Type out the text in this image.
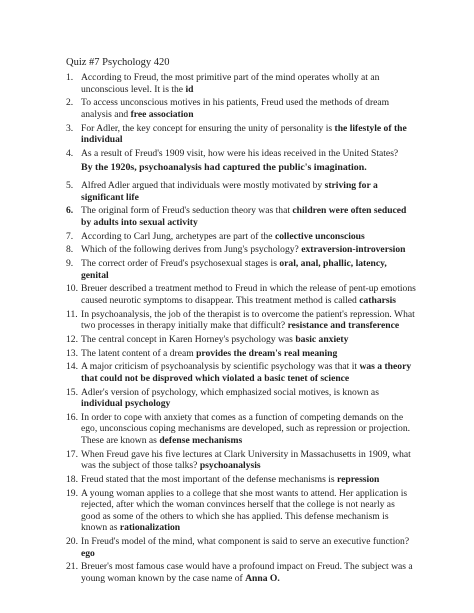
Quiz #7 Psychology 420
1. According to Freud, the most primitive part of the mind operates wholly at an unconscious level. It is the id
2. To access unconscious motives in his patients, Freud used the methods of dream analysis and free association
3. For Adler, the key concept for ensuring the unity of personality is the lifestyle of the individual
4. As a result of Freud's 1909 visit, how were his ideas received in the United States?
By the 1920s, psychoanalysis had captured the public's imagination.
5. Alfred Adler argued that individuals were mostly motivated by striving for a significant life
6. The original form of Freud's seduction theory was that children were often seduced by adults into sexual activity
7. According to Carl Jung, archetypes are part of the collective unconscious
8. Which of the following derives from Jung's psychology? extraversion-introversion
9. The correct order of Freud's psychosexual stages is oral, anal, phallic, latency, genital
10. Breuer described a treatment method to Freud in which the release of pent-up emotions caused neurotic symptoms to disappear. This treatment method is called catharsis
11. In psychoanalysis, the job of the therapist is to overcome the patient's repression. What two processes in therapy initially make that difficult? resistance and transference
12. The central concept in Karen Horney's psychology was basic anxiety
13. The latent content of a dream provides the dream's real meaning
14. A major criticism of psychoanalysis by scientific psychology was that it was a theory that could not be disproved which violated a basic tenet of science
15. Adler's version of psychology, which emphasized social motives, is known as individual psychology
16. In order to cope with anxiety that comes as a function of competing demands on the ego, unconscious coping mechanisms are developed, such as repression or projection. These are known as defense mechanisms
17. When Freud gave his five lectures at Clark University in Massachusetts in 1909, what was the subject of those talks? psychoanalysis
18. Freud stated that the most important of the defense mechanisms is repression
19. A young woman applies to a college that she most wants to attend. Her application is rejected, after which the woman convinces herself that the college is not nearly as good as some of the others to which she has applied. This defense mechanism is known as rationalization
20. In Freud's model of the mind, what component is said to serve an executive function? ego
21. Breuer's most famous case would have a profound impact on Freud. The subject was a young woman known by the case name of Anna O.
